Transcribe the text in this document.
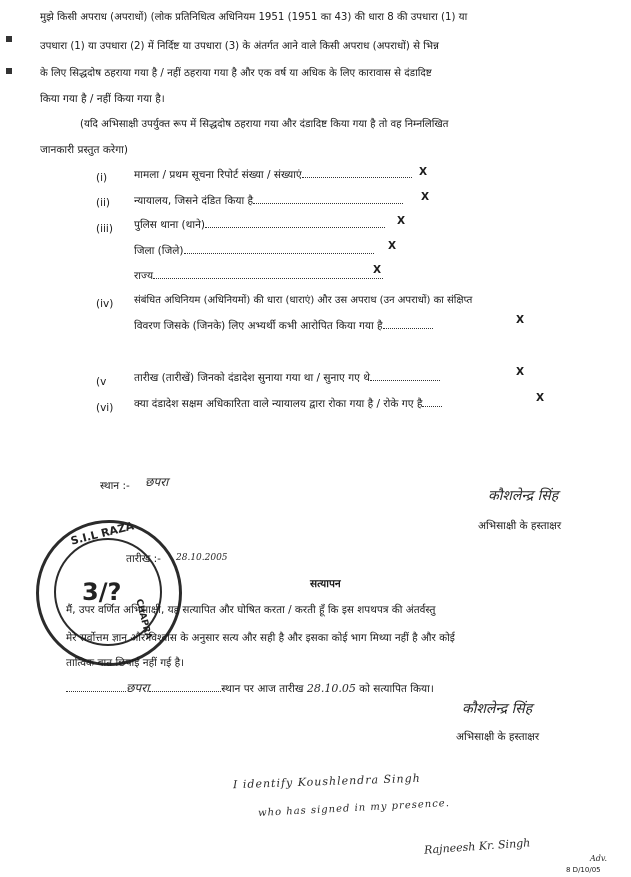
मुझे किसी अपराध (अपराधों) (लोक प्रतिनिधित्व अधिनियम 1951 (1951 का 43) की धारा 8 की उपधारा (1) या
उपधारा (1) या उपधारा (2) में निर्दिष्ट या उपधारा (3) के अंतर्गत आने वाले किसी अपराध (अपराधों) से भिन्न
के लिए सिद्धदोष ठहराया गया है / नहीं ठहराया गया है और एक वर्ष या अधिक के लिए कारावास से दंडादिष्ट
किया गया है / नहीं किया गया है।
(यदि अभिसाक्षी उपर्युक्त रूप में सिद्धदोष ठहराया गया और दंडादिष्ट किया गया है तो वह निम्नलिखित
जानकारी प्रस्तुत करेगा)
(i)	मामला / प्रथम सूचना रिपोर्ट संख्या / संख्याएं	X
(ii) न्यायालय, जिसने दंडित किया है	X
(iii) पुलिस थाना (थाने)	X
जिला (जिले)	X
राज्य	X
(iv) संबंधित अधिनियम (अधिनियमों) की धारा (धाराएं) और उस अपराध (उन अपराधों) का संक्षिप्त
विवरण जिसके (जिनके) लिए अभ्यर्थी कभी आरोपित किया गया है	X
(v	तारीख (तारीखें) जिनको दंडादेश सुनाया गया था / सुनाए गए थे	X
(vi) क्या दंडादेश सक्षम अधिकारिता वाले न्यायालय द्वारा रोका गया है / रोके गए है	X
स्थान :- छपरा
तारीख :- 28.10.2005
कौशलेन्द्र सिंह
अभिसाक्षी के हस्ताक्षर
S.I.L RAZA
3/?
CHAPRA
सत्यापन
मैं, उपर वर्णित अभिसाक्षी, यह सत्यापित और घोषित करता / करती हूँ कि इस शपथपत्र की अंतर्वस्तु
मेरे सर्वोत्तम ज्ञान और विश्वास के अनुसार सत्य और सही है और इसका कोई भाग मिथ्या नहीं है और कोई
तात्विक बात छिपाई नहीं गई है।
छपरा	स्थान पर आज तारीख 28.10.05 को सत्यापित किया।
कौशलेन्द्र सिंह
अभिसाक्षी के हस्ताक्षर
I identify Koushlendra Singh
who has signed in my presence.
Rajneesh Kr. Singh
Adv.
8 D/10/05
